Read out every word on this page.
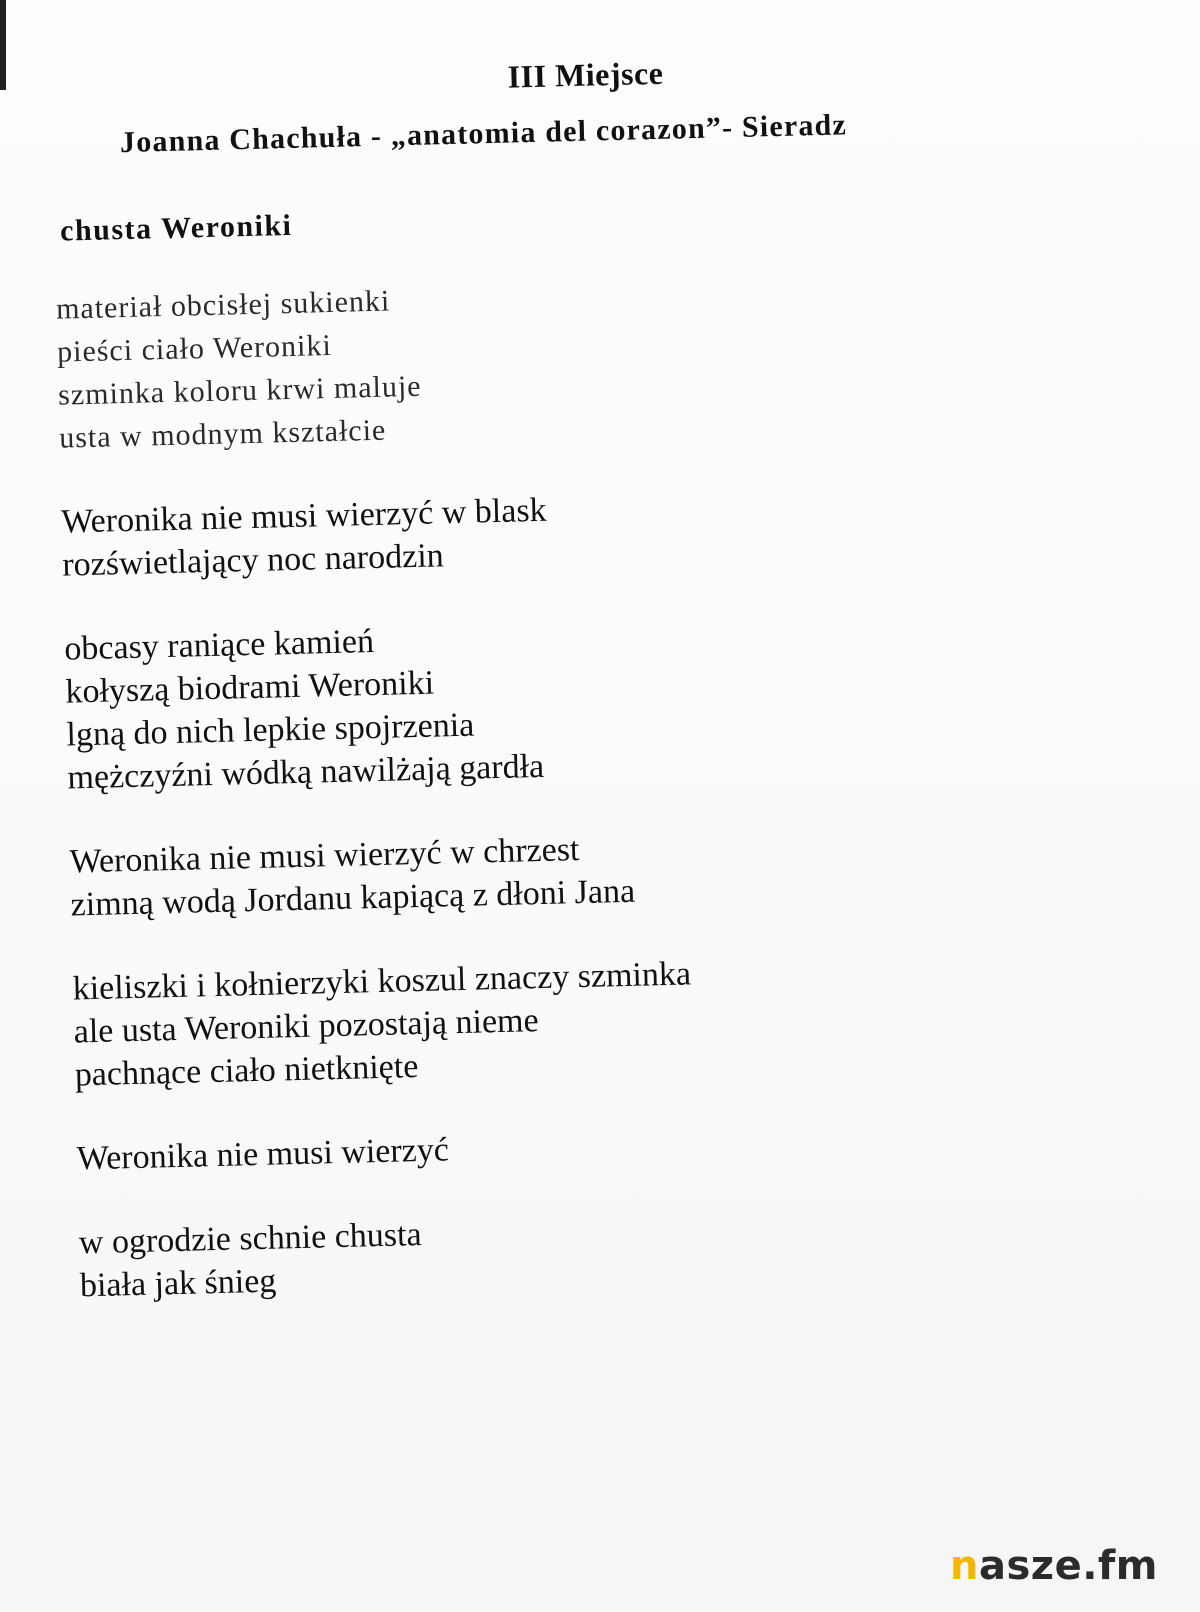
III Miejsce
Joanna Chachuła - „anatomia del corazon”- Sieradz
chusta Weroniki
materiał obcisłej sukienki
pieści ciało Weroniki
szminka koloru krwi maluje
usta w modnym kształcie
Weronika nie musi wierzyć w blask
rozświetlający noc narodzin
obcasy raniące kamień
kołyszą biodrami Weroniki
lgną do nich lepkie spojrzenia
mężczyźni wódką nawilżają gardła
Weronika nie musi wierzyć w chrzest
zimną wodą Jordanu kapiącą z dłoni Jana
kieliszki i kołnierzyki koszul znaczy szminka
ale usta Weroniki pozostają nieme
pachnące ciało nietknięte
Weronika nie musi wierzyć
w ogrodzie schnie chusta
biała jak śnieg
nasze.fm
